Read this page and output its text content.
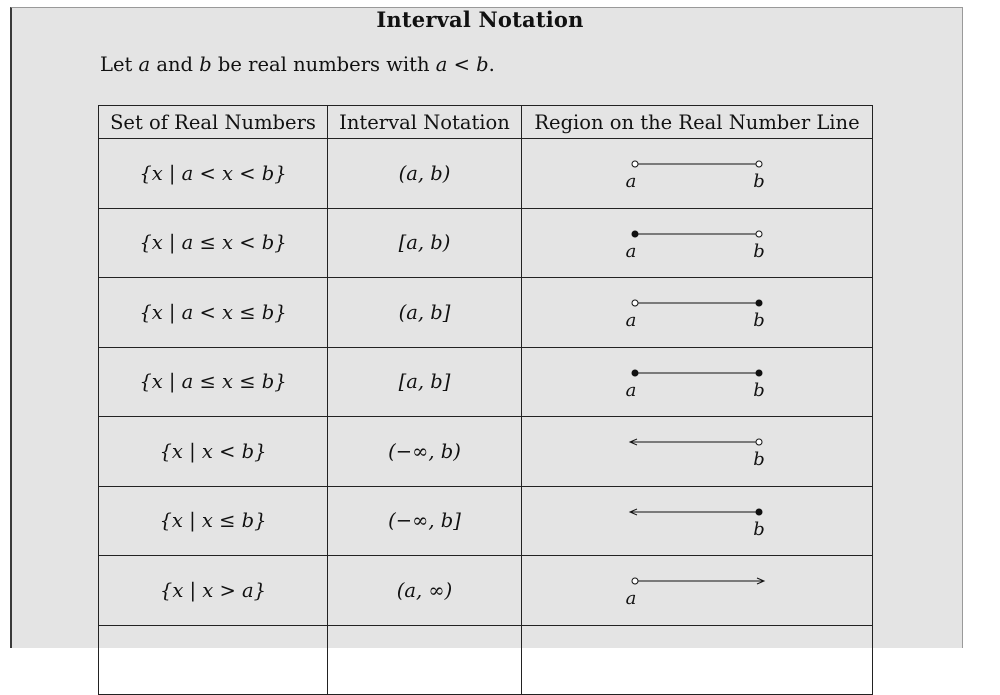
Interval Notation
Let a and b be real numbers with a < b.
Set of Real Numbers	Interval Notation	Region on the Real Number Line
{x | a < x < b}	(a, b)	a b

{x | a ≤ x < b}	[a, b)	a b

{x | a < x ≤ b}	(a, b]	a b

{x | a ≤ x ≤ b}	[a, b]	a b

{x | x < b}	(−∞, b)	b

{x | x ≤ b}	(−∞, b]	b

{x | x > a}	(a, ∞)	a
